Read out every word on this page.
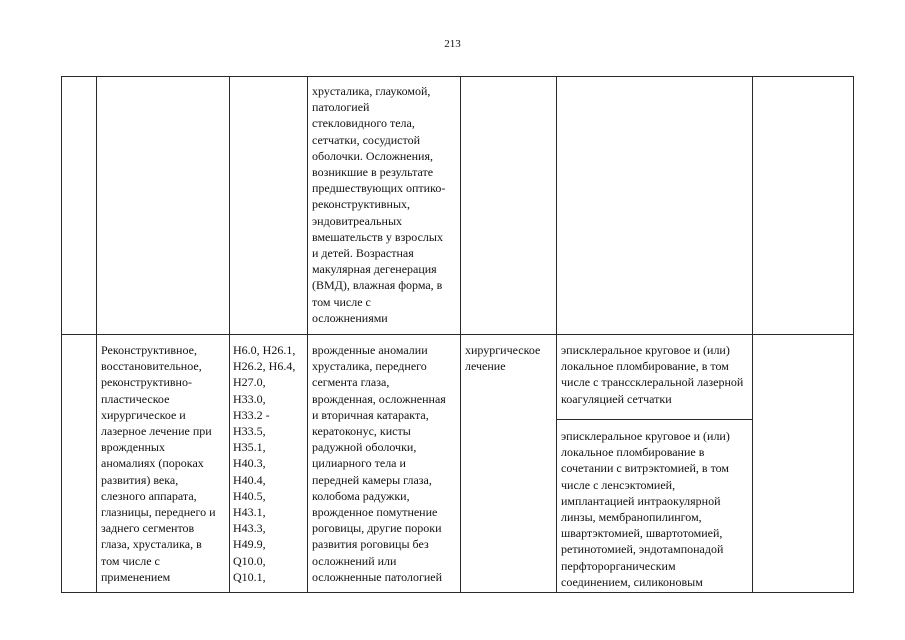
213

хрусталика, глаукомой,
патологией
стекловидного тела,
сетчатки, сосудистой
оболочки. Осложнения,
возникшие в результате
предшествующих оптико-
реконструктивных,
эндовитреальных
вмешательств у взрослых
и детей. Возрастная
макулярная дегенерация
(ВМД), влажная форма, в
том числе с
осложнениями

Реконструктивное,
восстановительное,
реконструктивно-
пластическое
хирургическое и
лазерное лечение при
врожденных
аномалиях (пороках
развития) века,
слезного аппарата,
глазницы, переднего и
заднего сегментов
глаза, хрусталика, в
том числе с
применением

H6.0, H26.1,
H26.2, H6.4,
H27.0,
H33.0,
H33.2 -
H33.5,
H35.1,
H40.3,
H40.4,
H40.5,
H43.1,
H43.3,
H49.9,
Q10.0,
Q10.1,

врожденные аномалии
хрусталика, переднего
сегмента глаза,
врожденная, осложненная
и вторичная катаракта,
кератоконус, кисты
радужной оболочки,
цилиарного тела и
передней камеры глаза,
колобома радужки,
врожденное помутнение
роговицы, другие пороки
развития роговицы без
осложнений или
осложненные патологией

хирургическое
лечение

эписклеральное круговое и (или)
локальное пломбирование, в том
числе с транссклеральной лазерной
коагуляцией сетчатки

эписклеральное круговое и (или)
локальное пломбирование в
сочетании с витрэктомией, в том
числе с ленсэктомией,
имплантацией интраокулярной
линзы, мембранопилингом,
швартэктомией, швартотомией,
ретинотомией, эндотампонадой
перфторорганическим
соединением, силиконовым
